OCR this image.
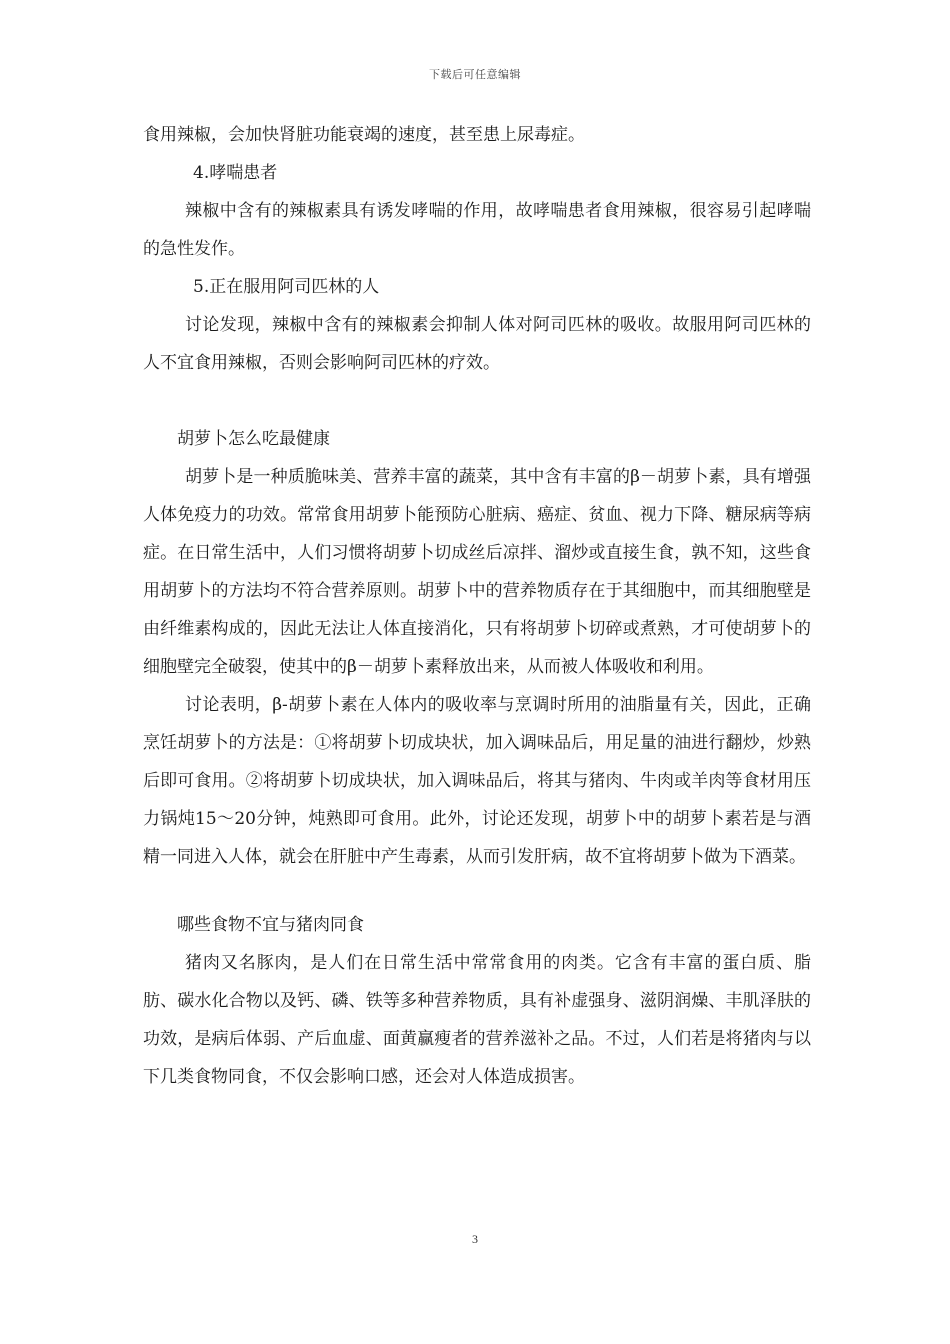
下载后可任意编辑

食用辣椒，会加快肾脏功能衰竭的速度，甚至患上尿毒症。

4.哮喘患者

辣椒中含有的辣椒素具有诱发哮喘的作用，故哮喘患者食用辣椒，很容易引起哮喘的急性发作。

5.正在服用阿司匹林的人

讨论发现，辣椒中含有的辣椒素会抑制人体对阿司匹林的吸收。故服用阿司匹林的人不宜食用辣椒，否则会影响阿司匹林的疗效。

胡萝卜怎么吃最健康

胡萝卜是一种质脆味美、营养丰富的蔬菜，其中含有丰富的β－胡萝卜素，具有增强人体免疫力的功效。常常食用胡萝卜能预防心脏病、癌症、贫血、视力下降、糖尿病等病症。在日常生活中，人们习惯将胡萝卜切成丝后凉拌、溜炒或直接生食，孰不知，这些食用胡萝卜的方法均不符合营养原则。胡萝卜中的营养物质存在于其细胞中，而其细胞壁是由纤维素构成的，因此无法让人体直接消化，只有将胡萝卜切碎或煮熟，才可使胡萝卜的细胞壁完全破裂，使其中的β－胡萝卜素释放出来，从而被人体吸收和利用。

讨论表明，β-胡萝卜素在人体内的吸收率与烹调时所用的油脂量有关，因此，正确烹饪胡萝卜的方法是：①将胡萝卜切成块状，加入调味品后，用足量的油进行翻炒，炒熟后即可食用。②将胡萝卜切成块状，加入调味品后，将其与猪肉、牛肉或羊肉等食材用压力锅炖15～20分钟，炖熟即可食用。此外，讨论还发现，胡萝卜中的胡萝卜素若是与酒精一同进入人体，就会在肝脏中产生毒素，从而引发肝病，故不宜将胡萝卜做为下酒菜。

哪些食物不宜与猪肉同食

猪肉又名豚肉，是人们在日常生活中常常食用的肉类。它含有丰富的蛋白质、脂肪、碳水化合物以及钙、磷、铁等多种营养物质，具有补虚强身、滋阴润燥、丰肌泽肤的功效，是病后体弱、产后血虚、面黄赢瘦者的营养滋补之品。不过，人们若是将猪肉与以下几类食物同食，不仅会影响口感，还会对人体造成损害。

3
